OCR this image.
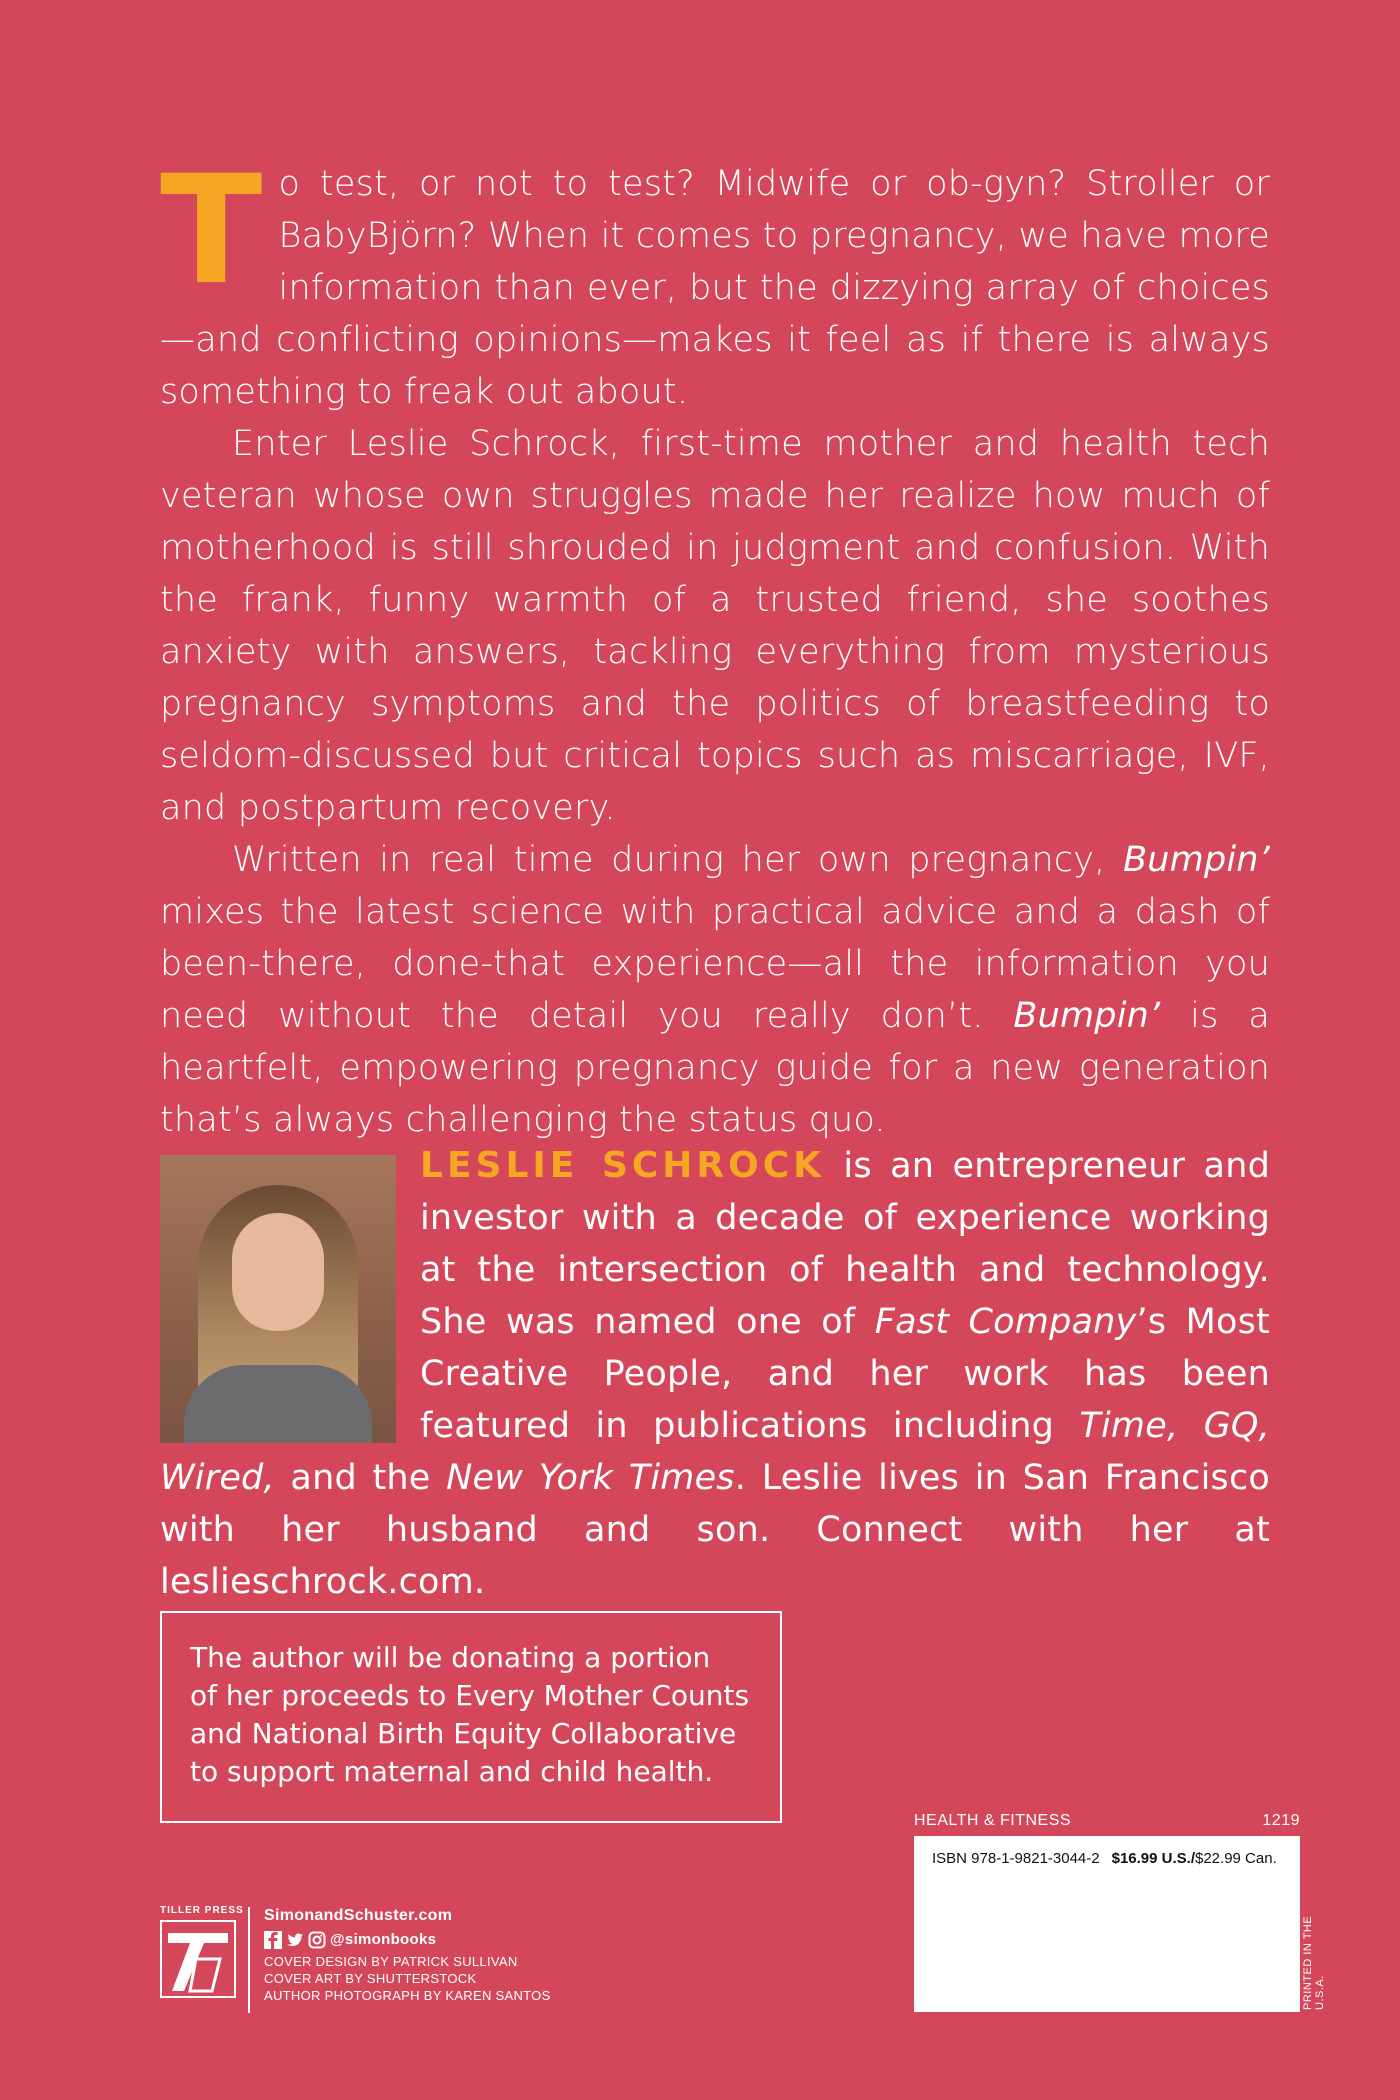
To test, or not to test? Midwife or ob-gyn? Stroller or BabyBjörn? When it comes to pregnancy, we have more information than ever, but the dizzying array of choices—and conflicting opinions—makes it feel as if there is always something to freak out about.

Enter Leslie Schrock, first-time mother and health tech veteran whose own struggles made her realize how much of motherhood is still shrouded in judgment and confusion. With the frank, funny warmth of a trusted friend, she soothes anxiety with answers, tackling everything from mysterious pregnancy symptoms and the politics of breastfeeding to seldom-discussed but critical topics such as miscarriage, IVF, and postpartum recovery.

Written in real time during her own pregnancy, Bumpin’ mixes the latest science with practical advice and a dash of been-there, done-that experience—all the information you need without the detail you really don’t. Bumpin’ is a heartfelt, empowering pregnancy guide for a new generation that’s always challenging the status quo.

LESLIE SCHROCK is an entrepreneur and investor with a decade of experience working at the intersection of health and technology. She was named one of Fast Company’s Most Creative People, and her work has been featured in publications including Time, GQ, Wired, and the New York Times. Leslie lives in San Francisco with her husband and son. Connect with her at leslieschrock.com.
The author will be donating a portion
of her proceeds to Every Mother Counts
and National Birth Equity Collaborative
to support maternal and child health.
HEALTH & FITNESS	1219
ISBN 978-1-9821-3044-2 $16.99 U.S./$22.99 Can.
PRINTED IN THE U.S.A.
TILLER PRESS SimonandSchuster.com
@simonbooks
COVER DESIGN BY PATRICK SULLIVAN
COVER ART BY SHUTTERSTOCK
AUTHOR PHOTOGRAPH BY KAREN SANTOS
